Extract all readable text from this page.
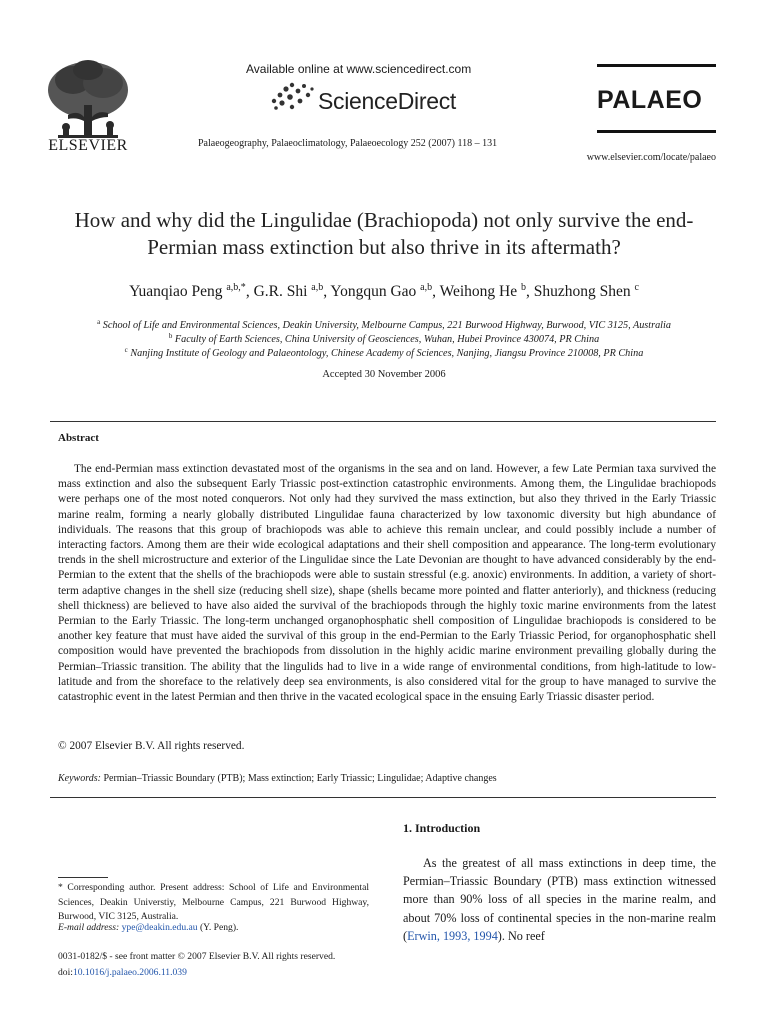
ELSEVIER
Available online at www.sciencedirect.com
ScienceDirect
Palaeogeography, Palaeoclimatology, Palaeoecology 252 (2007) 118 – 131
PALAEO
www.elsevier.com/locate/palaeo
How and why did the Lingulidae (Brachiopoda) not only survive the end-Permian mass extinction but also thrive in its aftermath?
Yuanqiao Peng $^{a,b,*}$, G.R. Shi $^{a,b}$, Yongqun Gao $^{a,b}$, Weihong He $^b$, Shuzhong Shen $^c$
$^a$ School of Life and Environmental Sciences, Deakin University, Melbourne Campus, 221 Burwood Highway, Burwood, VIC 3125, Australia
$^b$ Faculty of Earth Sciences, China University of Geosciences, Wuhan, Hubei Province 430074, PR China
$^c$ Nanjing Institute of Geology and Palaeontology, Chinese Academy of Sciences, Nanjing, Jiangsu Province 210008, PR China
Accepted 30 November 2006
Abstract
The end-Permian mass extinction devastated most of the organisms in the sea and on land. However, a few Late Permian taxa survived the mass extinction and also the subsequent Early Triassic post-extinction catastrophic environments. Among them, the Lingulidae brachiopods were perhaps one of the most noted conquerors. Not only had they survived the mass extinction, but also they thrived in the Early Triassic marine realm, forming a nearly globally distributed Lingulidae fauna characterized by low taxonomic diversity but high abundance of individuals. The reasons that this group of brachiopods was able to achieve this remain unclear, and could possibly include a number of interacting factors. Among them are their wide ecological adaptations and their shell composition and appearance. The long-term evolutionary trends in the shell microstructure and exterior of the Lingulidae since the Late Devonian are thought to have advanced considerably by the end-Permian to the extent that the shells of the brachiopods were able to sustain stressful (e.g. anoxic) environments. In addition, a variety of short-term adaptive changes in the shell size (reducing shell size), shape (shells became more pointed and flatter anteriorly), and thickness (reducing shell thickness) are believed to have also aided the survival of the brachiopods through the highly toxic marine environments from the latest Permian to the Early Triassic. The long-term unchanged organophosphatic shell composition of Lingulidae brachiopods is considered to be another key feature that must have aided the survival of this group in the end-Permian to the Early Triassic Period, for organophosphatic shell composition would have prevented the brachiopods from dissolution in the highly acidic marine environment prevailing globally during the Permian–Triassic transition. The ability that the lingulids had to live in a wide range of environmental conditions, from high-latitude to low-latitude and from the shoreface to the relatively deep sea environments, is also considered vital for the group to have managed to survive the catastrophic event in the latest Permian and then thrive in the vacated ecological space in the ensuing Early Triassic disaster period.
© 2007 Elsevier B.V. All rights reserved.
Keywords: Permian–Triassic Boundary (PTB); Mass extinction; Early Triassic; Lingulidae; Adaptive changes
1. Introduction
As the greatest of all mass extinctions in deep time, the Permian–Triassic Boundary (PTB) mass extinction witnessed more than 90% loss of all species in the marine realm, and about 70% loss of continental species in the non-marine realm (Erwin, 1993, 1994). No reef
* Corresponding author. Present address: School of Life and Environmental Sciences, Deakin Universtiy, Melbourne Campus, 221 Burwood Highway, Burwood, VIC 3125, Australia.
E-mail address: ype@deakin.edu.au (Y. Peng).
0031-0182/$ - see front matter © 2007 Elsevier B.V. All rights reserved.
doi:10.1016/j.palaeo.2006.11.039
